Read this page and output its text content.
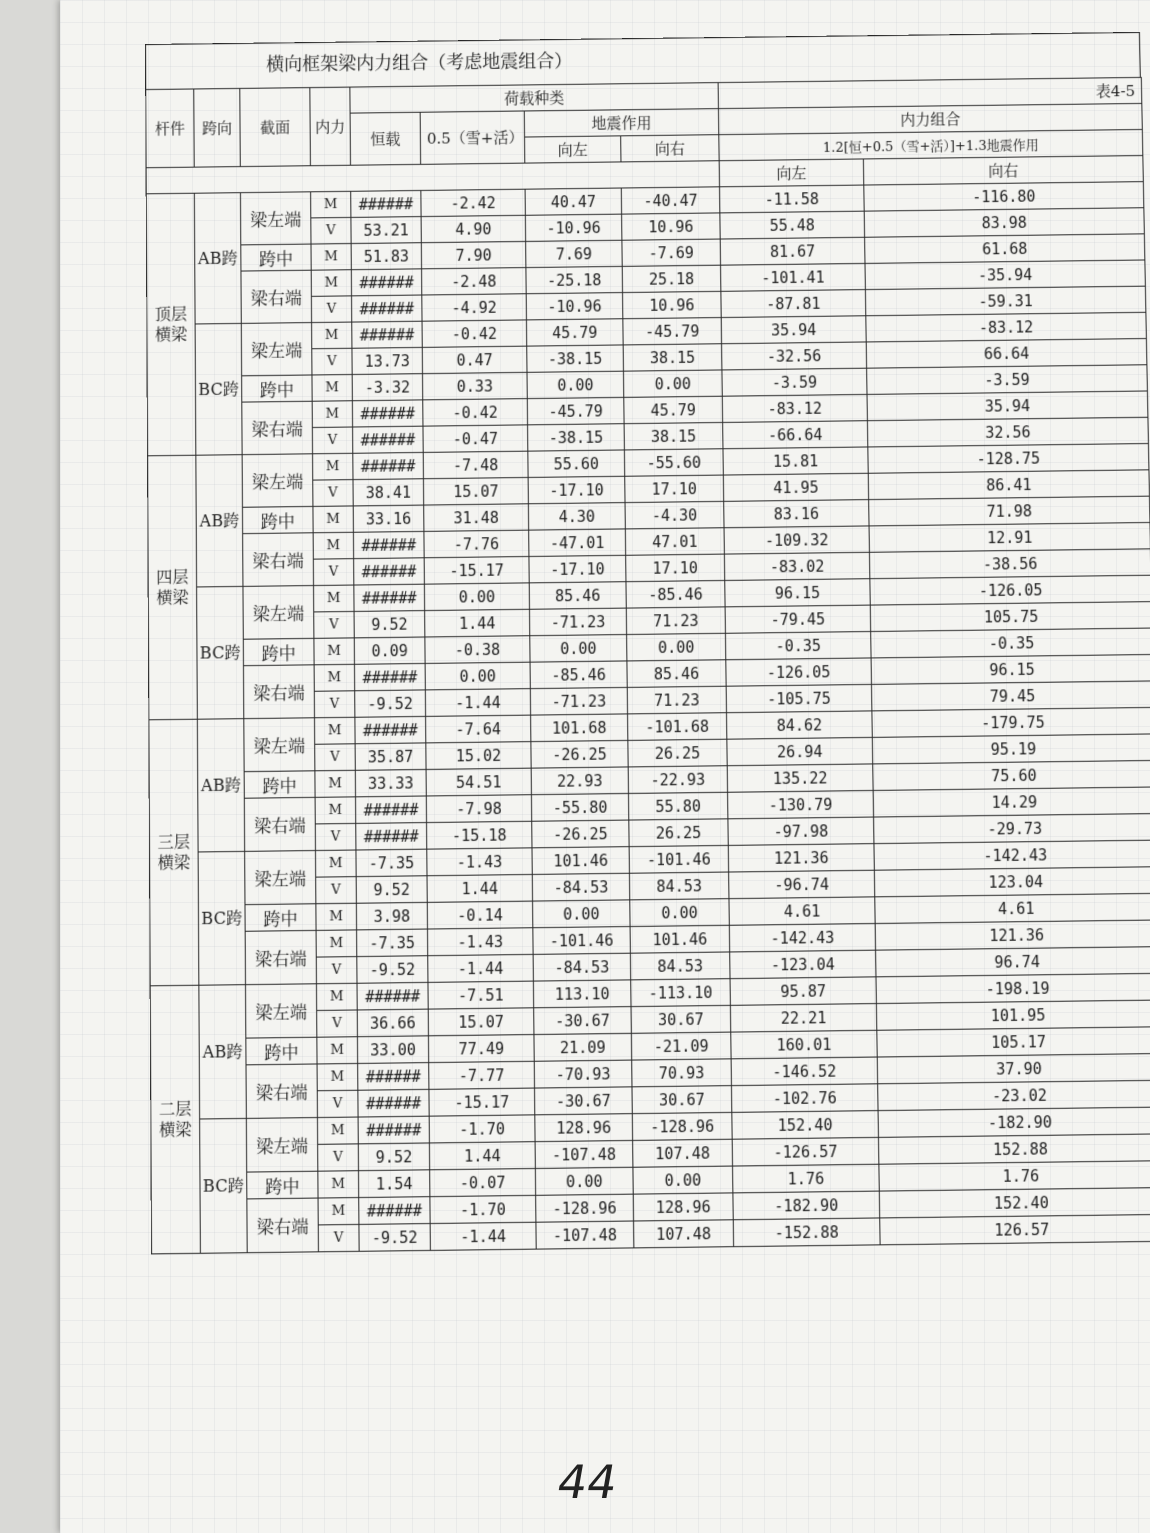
横向框架梁内力组合（考虑地震组合）
杆件	跨向	截面	内力	荷载种类				表4-5	
				恒载	0.5（雪+活）	地震作用		内力组合	
						向左	向右	1.2[恒+0.5（雪+活）]+1.3地震作用	
								向左	向右
顶层横梁	AB跨	梁左端	M	######	-2.42	40.47	-40.47	-11.58	-116.80
			V	53.21	4.90	-10.96	10.96	55.48	83.98
		跨中	M	51.83	7.90	7.69	-7.69	81.67	61.68
		梁右端	M	######	-2.48	-25.18	25.18	-101.41	-35.94
			V	######	-4.92	-10.96	10.96	-87.81	-59.31
	BC跨	梁左端	M	######	-0.42	45.79	-45.79	35.94	-83.12
			V	13.73	0.47	-38.15	38.15	-32.56	66.64
		跨中	M	-3.32	0.33	0.00	0.00	-3.59	-3.59
		梁右端	M	######	-0.42	-45.79	45.79	-83.12	35.94
			V	######	-0.47	-38.15	38.15	-66.64	32.56
四层横梁	AB跨	梁左端	M	######	-7.48	55.60	-55.60	15.81	-128.75
			V	38.41	15.07	-17.10	17.10	41.95	86.41
		跨中	M	33.16	31.48	4.30	-4.30	83.16	71.98
		梁右端	M	######	-7.76	-47.01	47.01	-109.32	12.91
			V	######	-15.17	-17.10	17.10	-83.02	-38.56
	BC跨	梁左端	M	######	0.00	85.46	-85.46	96.15	-126.05
			V	9.52	1.44	-71.23	71.23	-79.45	105.75
		跨中	M	0.09	-0.38	0.00	0.00	-0.35	-0.35
		梁右端	M	######	0.00	-85.46	85.46	-126.05	96.15
			V	-9.52	-1.44	-71.23	71.23	-105.75	79.45
三层横梁	AB跨	梁左端	M	######	-7.64	101.68	-101.68	84.62	-179.75
			V	35.87	15.02	-26.25	26.25	26.94	95.19
		跨中	M	33.33	54.51	22.93	-22.93	135.22	75.60
		梁右端	M	######	-7.98	-55.80	55.80	-130.79	14.29
			V	######	-15.18	-26.25	26.25	-97.98	-29.73
	BC跨	梁左端	M	-7.35	-1.43	101.46	-101.46	121.36	-142.43
			V	9.52	1.44	-84.53	84.53	-96.74	123.04
		跨中	M	3.98	-0.14	0.00	0.00	4.61	4.61
		梁右端	M	-7.35	-1.43	-101.46	101.46	-142.43	121.36
			V	-9.52	-1.44	-84.53	84.53	-123.04	96.74
二层横梁	AB跨	梁左端	M	######	-7.51	113.10	-113.10	95.87	-198.19
			V	36.66	15.07	-30.67	30.67	22.21	101.95
		跨中	M	33.00	77.49	21.09	-21.09	160.01	105.17
		梁右端	M	######	-7.77	-70.93	70.93	-146.52	37.90
			V	######	-15.17	-30.67	30.67	-102.76	-23.02
	BC跨	梁左端	M	######	-1.70	128.96	-128.96	152.40	-182.90
			V	9.52	1.44	-107.48	107.48	-126.57	152.88
		跨中	M	1.54	-0.07	0.00	0.00	1.76	1.76
		梁右端	M	######	-1.70	-128.96	128.96	-182.90	152.40
			V	-9.52	-1.44	-107.48	107.48	-152.88	126.57
44
